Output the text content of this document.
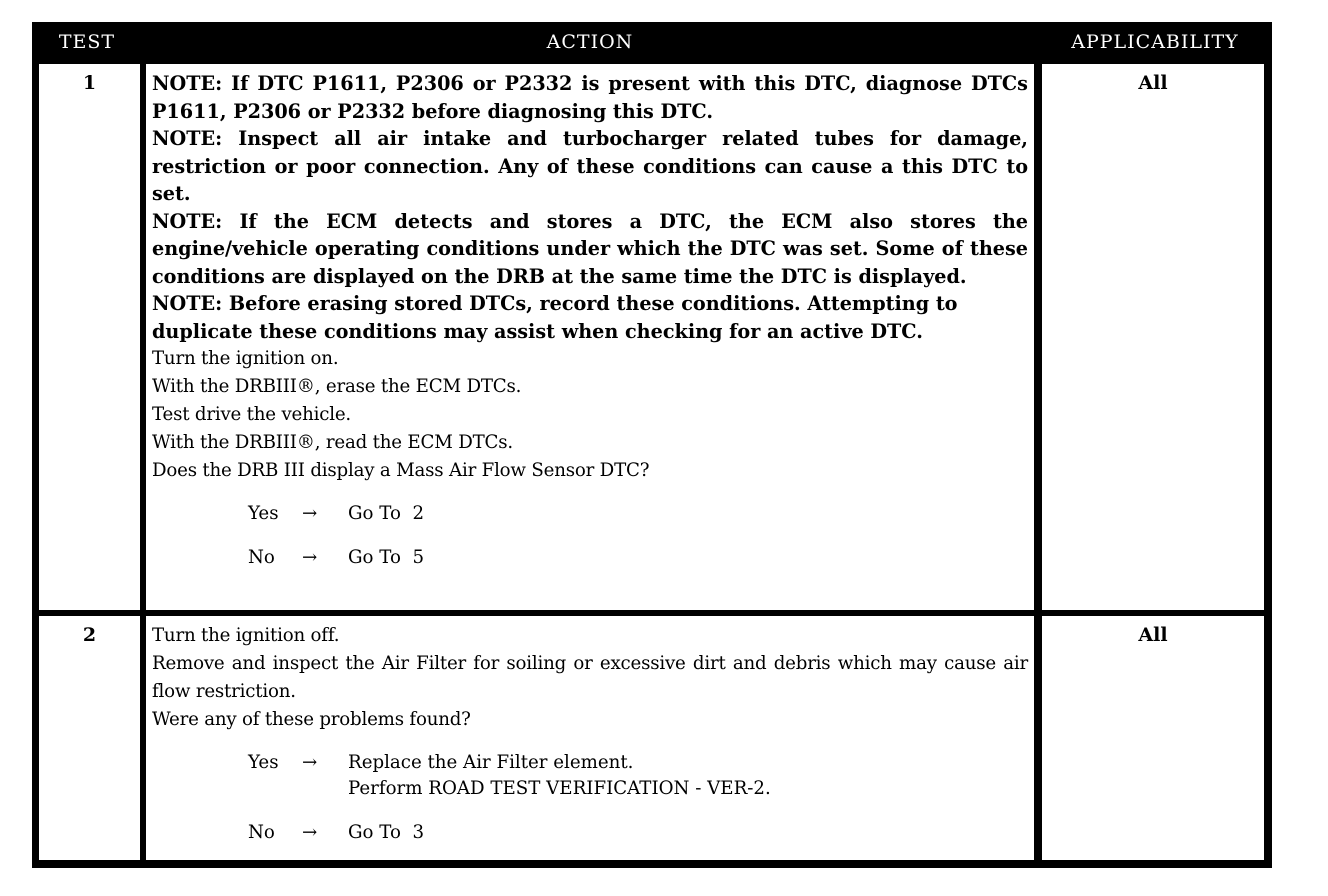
TEST	ACTION	APPLICABILITY
1	NOTE: If DTC P1611, P2306 or P2332 is present with this DTC, diagnose DTCs P1611, P2306 or P2332 before diagnosing this DTC.
NOTE: Inspect all air intake and turbocharger related tubes for damage, restriction or poor connection. Any of these conditions can cause a this DTC to set.
NOTE: If the ECM detects and stores a DTC, the ECM also stores the engine/vehicle operating conditions under which the DTC was set. Some of these conditions are displayed on the DRB at the same time the DTC is displayed.
NOTE: Before erasing stored DTCs, record these conditions. Attempting to duplicate these conditions may assist when checking for an active DTC.
Turn the ignition on.
With the DRBIII®, erase the ECM DTCs.
Test drive the vehicle.
With the DRBIII®, read the ECM DTCs.
Does the DRB III display a Mass Air Flow Sensor DTC?
Yes	→	Go To  2
No	→	Go To  5
All
2	Turn the ignition off.
Remove and inspect the Air Filter for soiling or excessive dirt and debris which may cause air flow restriction.
Were any of these problems found?
Yes	→	Replace the Air Filter element.
Perform ROAD TEST VERIFICATION - VER-2.
No	→	Go To  3
All
